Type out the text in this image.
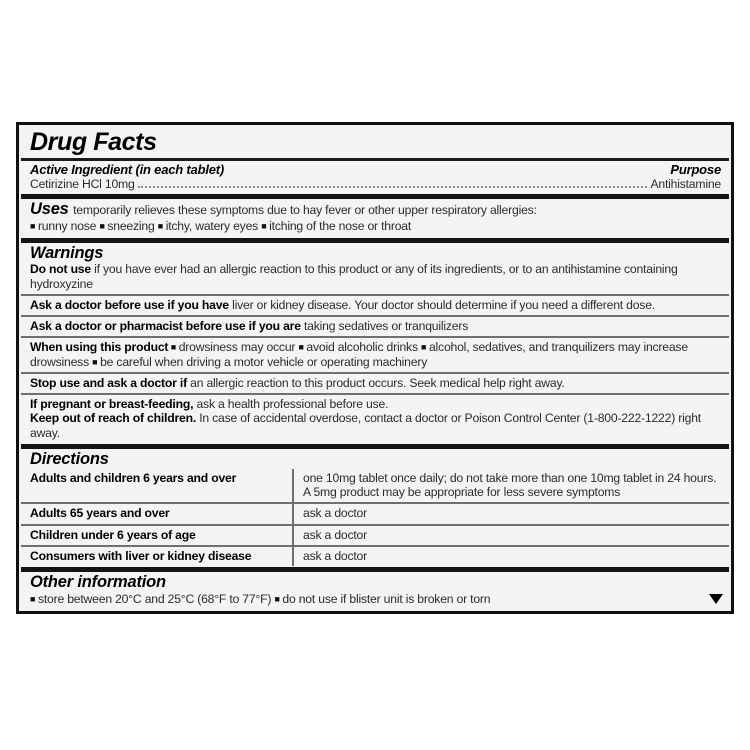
Drug Facts
Active Ingredient (in each tablet)	Purpose
Cetirizine HCl 10mg	Antihistamine
Uses temporarily relieves these symptoms due to hay fever or other upper respiratory allergies:
■ runny nose ■ sneezing ■ itchy, watery eyes ■ itching of the nose or throat
Warnings
Do not use if you have ever had an allergic reaction to this product or any of its ingredients, or to an antihistamine containing hydroxyzine
Ask a doctor before use if you have liver or kidney disease. Your doctor should determine if you need a different dose.
Ask a doctor or pharmacist before use if you are taking sedatives or tranquilizers
When using this product ■ drowsiness may occur ■ avoid alcoholic drinks ■ alcohol, sedatives, and tranquilizers may increase drowsiness ■ be careful when driving a motor vehicle or operating machinery
Stop use and ask a doctor if an allergic reaction to this product occurs. Seek medical help right away.
If pregnant or breast-feeding, ask a health professional before use.
Keep out of reach of children. In case of accidental overdose, contact a doctor or Poison Control Center (1-800-222-1222) right away.
Directions
Adults and children 6 years and over	one 10mg tablet once daily; do not take more than one 10mg tablet in 24 hours. A 5mg product may be appropriate for less severe symptoms
Adults 65 years and over	ask a doctor
Children under 6 years of age	ask a doctor
Consumers with liver or kidney disease	ask a doctor
Other information
■ store between 20°C and 25°C (68°F to 77°F) ■ do not use if blister unit is broken or torn
